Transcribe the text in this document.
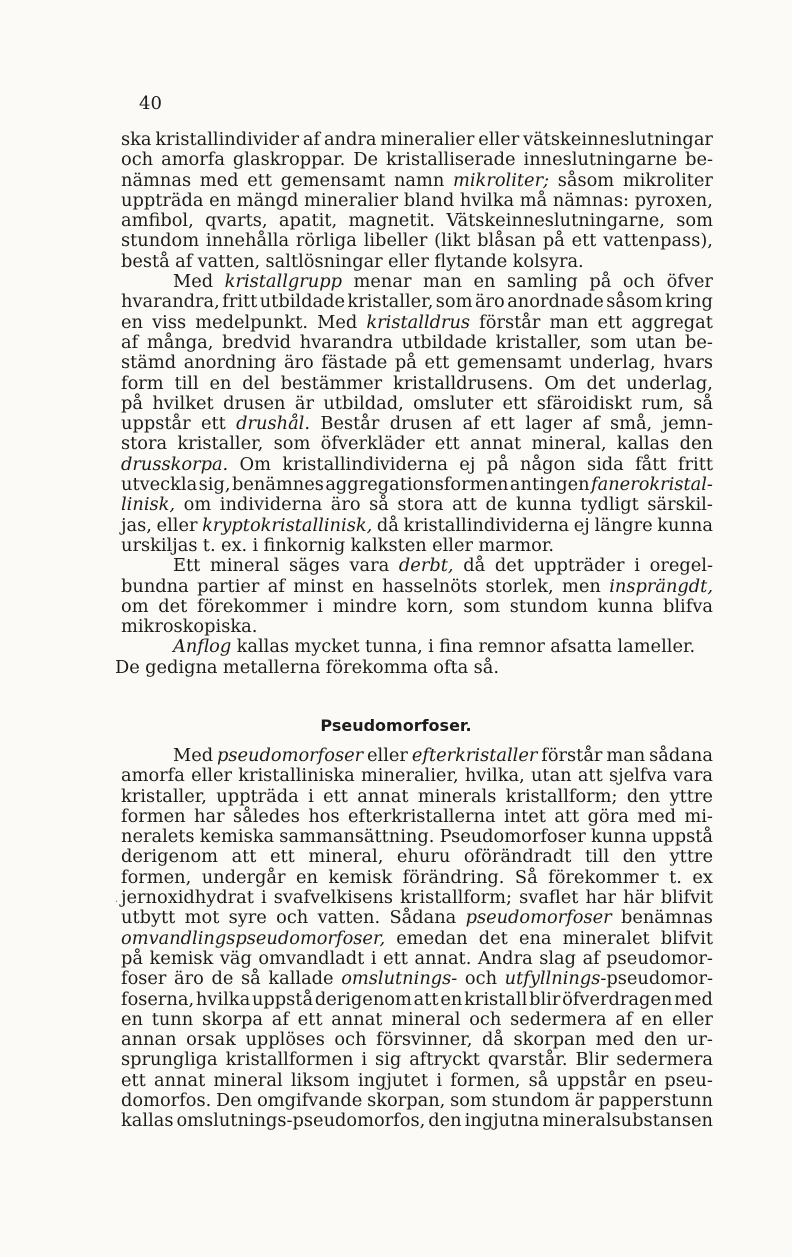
40
ska kristallindivider af andra mineralier eller vätskeinneslutningar
och amorfa glaskroppar. De kristalliserade inneslutningarne be-
nämnas med ett gemensamt namn mikroliter; såsom mikroliter
uppträda en mängd mineralier bland hvilka må nämnas: pyroxen,
amfibol, qvarts, apatit, magnetit. Vätskeinneslutningarne, som
stundom innehålla rörliga libeller (likt blåsan på ett vattenpass),
bestå af vatten, saltlösningar eller flytande kolsyra.
Med kristallgrupp menar man en samling på och öfver
hvarandra, fritt utbildade kristaller, som äro anordnade såsom kring
en viss medelpunkt. Med kristalldrus förstår man ett aggregat
af många, bredvid hvarandra utbildade kristaller, som utan be-
stämd anordning äro fästade på ett gemensamt underlag, hvars
form till en del bestämmer kristalldrusens. Om det underlag,
på hvilket drusen är utbildad, omsluter ett sfäroidiskt rum, så
uppstår ett drushål. Består drusen af ett lager af små, jemn-
stora kristaller, som öfverkläder ett annat mineral, kallas den
drusskorpa. Om kristallindividerna ej på någon sida fått fritt
utveckla sig, benämnes aggregationsformen antingen fanerokristal-
linisk, om individerna äro så stora att de kunna tydligt särskil-
jas, eller kryptokristallinisk, då kristallindividerna ej längre kunna
urskiljas t. ex. i finkornig kalksten eller marmor.
Ett mineral säges vara derbt, då det uppträder i oregel-
bundna partier af minst en hasselnöts storlek, men insprängdt,
om det förekommer i mindre korn, som stundom kunna blifva
mikroskopiska.
Anflog kallas mycket tunna, i fina remnor afsatta lameller.
De gedigna metallerna förekomma ofta så.
Pseudomorfoser.
Med pseudomorfoser eller efterkristaller förstår man sådana
amorfa eller kristalliniska mineralier, hvilka, utan att sjelfva vara
kristaller, uppträda i ett annat minerals kristallform; den yttre
formen har således hos efterkristallerna intet att göra med mi-
neralets kemiska sammansättning. Pseudomorfoser kunna uppstå
derigenom att ett mineral, ehuru oförändradt till den yttre
formen, undergår en kemisk förändring. Så förekommer t. ex
jernoxidhydrat i svafvelkisens kristallform; svaflet har här blifvit
utbytt mot syre och vatten. Sådana pseudomorfoser benämnas
omvandlingspseudomorfoser, emedan det ena mineralet blifvit
på kemisk väg omvandladt i ett annat. Andra slag af pseudomor-
foser äro de så kallade omslutnings- och utfyllnings-pseudomor-
foserna, hvilka uppstå derigenom att en kristall blir öfverdragen med
en tunn skorpa af ett annat mineral och sedermera af en eller
annan orsak upplöses och försvinner, då skorpan med den ur-
sprungliga kristallformen i sig aftryckt qvarstår. Blir sedermera
ett annat mineral liksom ingjutet i formen, så uppstår en pseu-
domorfos. Den omgifvande skorpan, som stundom är papperstunn
kallas omslutnings-pseudomorfos, den ingjutna mineralsubstansen
.
